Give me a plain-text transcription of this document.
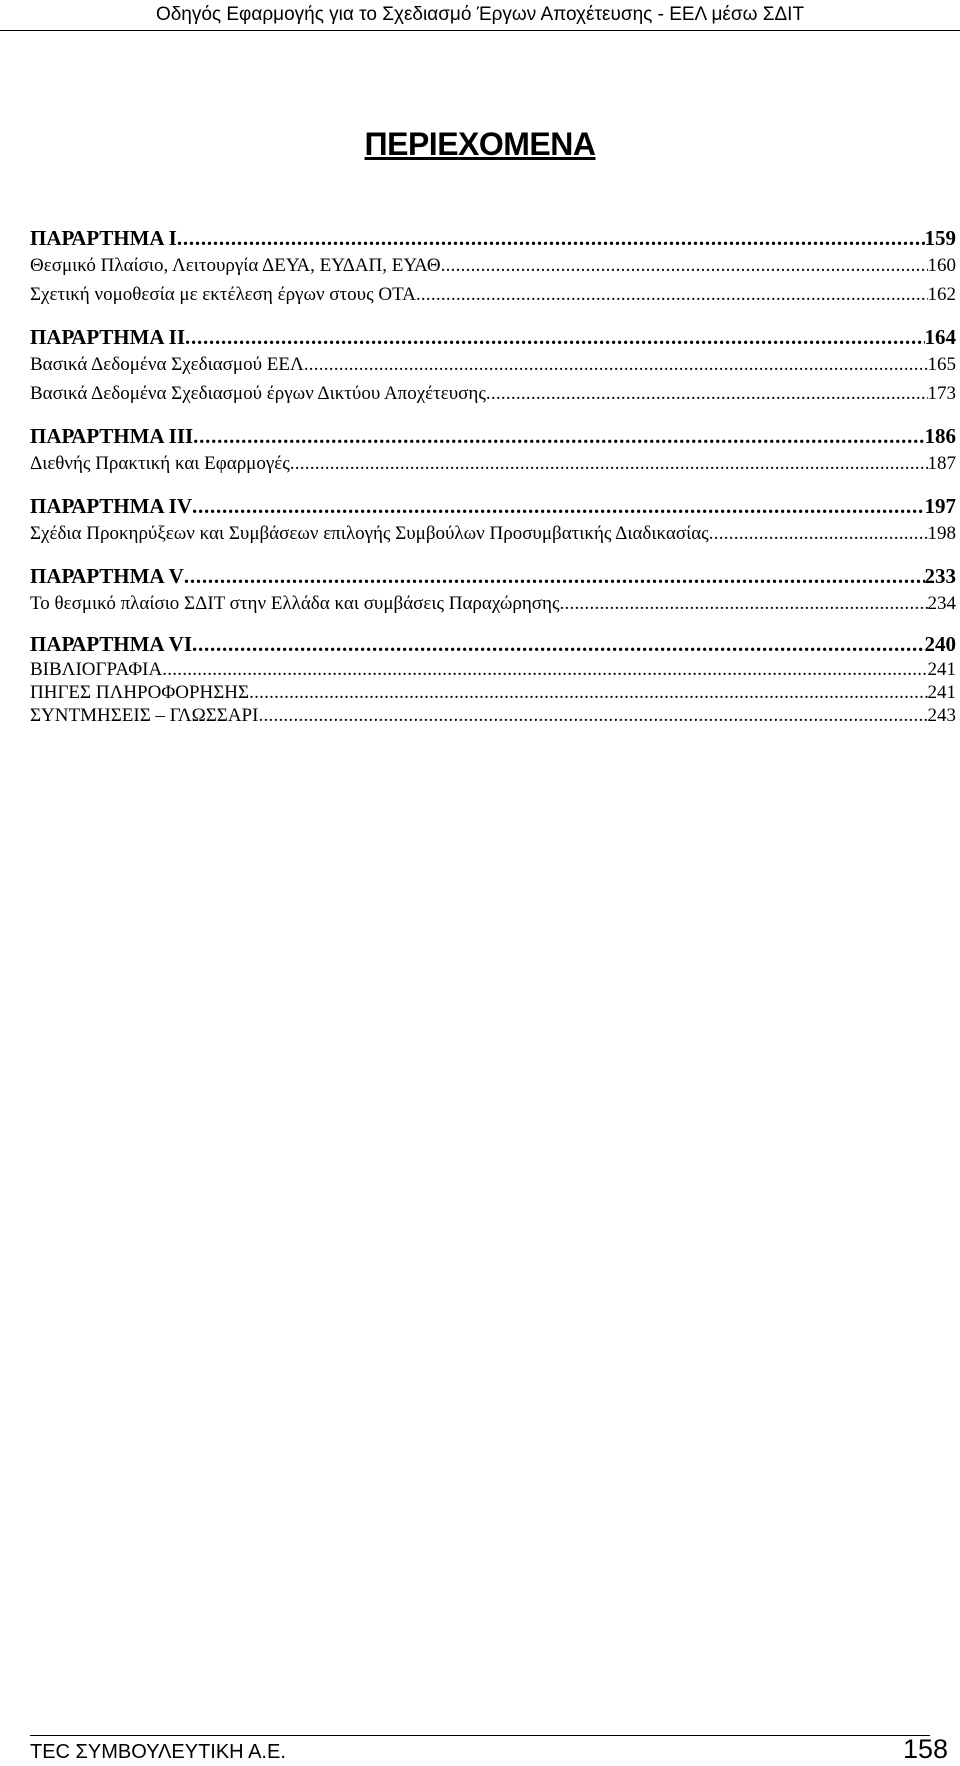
Οδηγός Εφαρμογής για το Σχεδιασμό Έργων Αποχέτευσης - ΕΕΛ μέσω ΣΔΙΤ
ΠΕΡΙΕΧΟΜΕΝΑ
ΠΑΡΑΡΤΗΜΑ I . . .	159
Θεσμικό Πλαίσιο, Λειτουργία ΔΕΥΑ, ΕΥΔΑΠ, ΕΥΑΘ . . .	160
Σχετική νομοθεσία με εκτέλεση έργων στους ΟΤΑ . . .	162
ΠΑΡΑΡΤΗΜΑ II . . .	164
Βασικά Δεδομένα Σχεδιασμού ΕΕΛ . . .	165
Βασικά Δεδομένα Σχεδιασμού έργων Δικτύου Αποχέτευσης . . .	173
ΠΑΡΑΡΤΗΜΑ III . . .	186
Διεθνής Πρακτική και Εφαρμογές . . .	187
ΠΑΡΑΡΤΗΜΑ IV . . .	197
Σχέδια Προκηρύξεων και Συμβάσεων επιλογής Συμβούλων Προσυμβατικής Διαδικασίας . . .	198
ΠΑΡΑΡΤΗΜΑ V . . .	233
Το θεσμικό πλαίσιο ΣΔΙΤ στην Ελλάδα και συμβάσεις Παραχώρησης . . .	234
ΠΑΡΑΡΤΗΜΑ VI . . .	240
ΒΙΒΛΙΟΓΡΑΦΙΑ . . .	241
ΠΗΓΕΣ ΠΛΗΡΟΦΟΡΗΣΗΣ . . .	241
ΣΥΝΤΜΗΣΕΙΣ – ΓΛΩΣΣΑΡΙ . . .	243
TEC ΣΥΜΒΟΥΛΕΥΤΙΚΗ Α.Ε.	158
